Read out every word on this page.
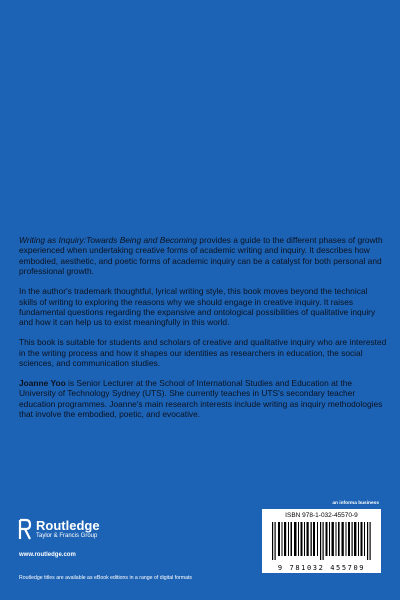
Writing as Inquiry:Towards Being and Becoming provides a guide to the different phases of growth experienced when undertaking creative forms of academic writing and inquiry. It describes how embodied, aesthetic, and poetic forms of academic inquiry can be a catalyst for both personal and professional growth.

In the author's trademark thoughtful, lyrical writing style, this book moves beyond the technical skills of writing to exploring the reasons why we should engage in creative inquiry. It raises fundamental questions regarding the expansive and ontological possibilities of qualitative inquiry and how it can help us to exist meaningfully in this world.

This book is suitable for students and scholars of creative and qualitative inquiry who are interested in the writing process and how it shapes our identities as researchers in education, the social sciences, and communication studies.

Joanne Yoo is Senior Lecturer at the School of International Studies and Education at the University of Technology Sydney (UTS). She currently teaches in UTS's secondary teacher education programmes. Joanne's main research interests include writing as inquiry methodologies that involve the embodied, poetic, and evocative.

Routledge
Taylor & Francis Group
www.routledge.com
Routledge titles are available as eBook editions in a range of digital formats
an informa business
ISBN 978-1-032-45570-9
9 781032 455709
